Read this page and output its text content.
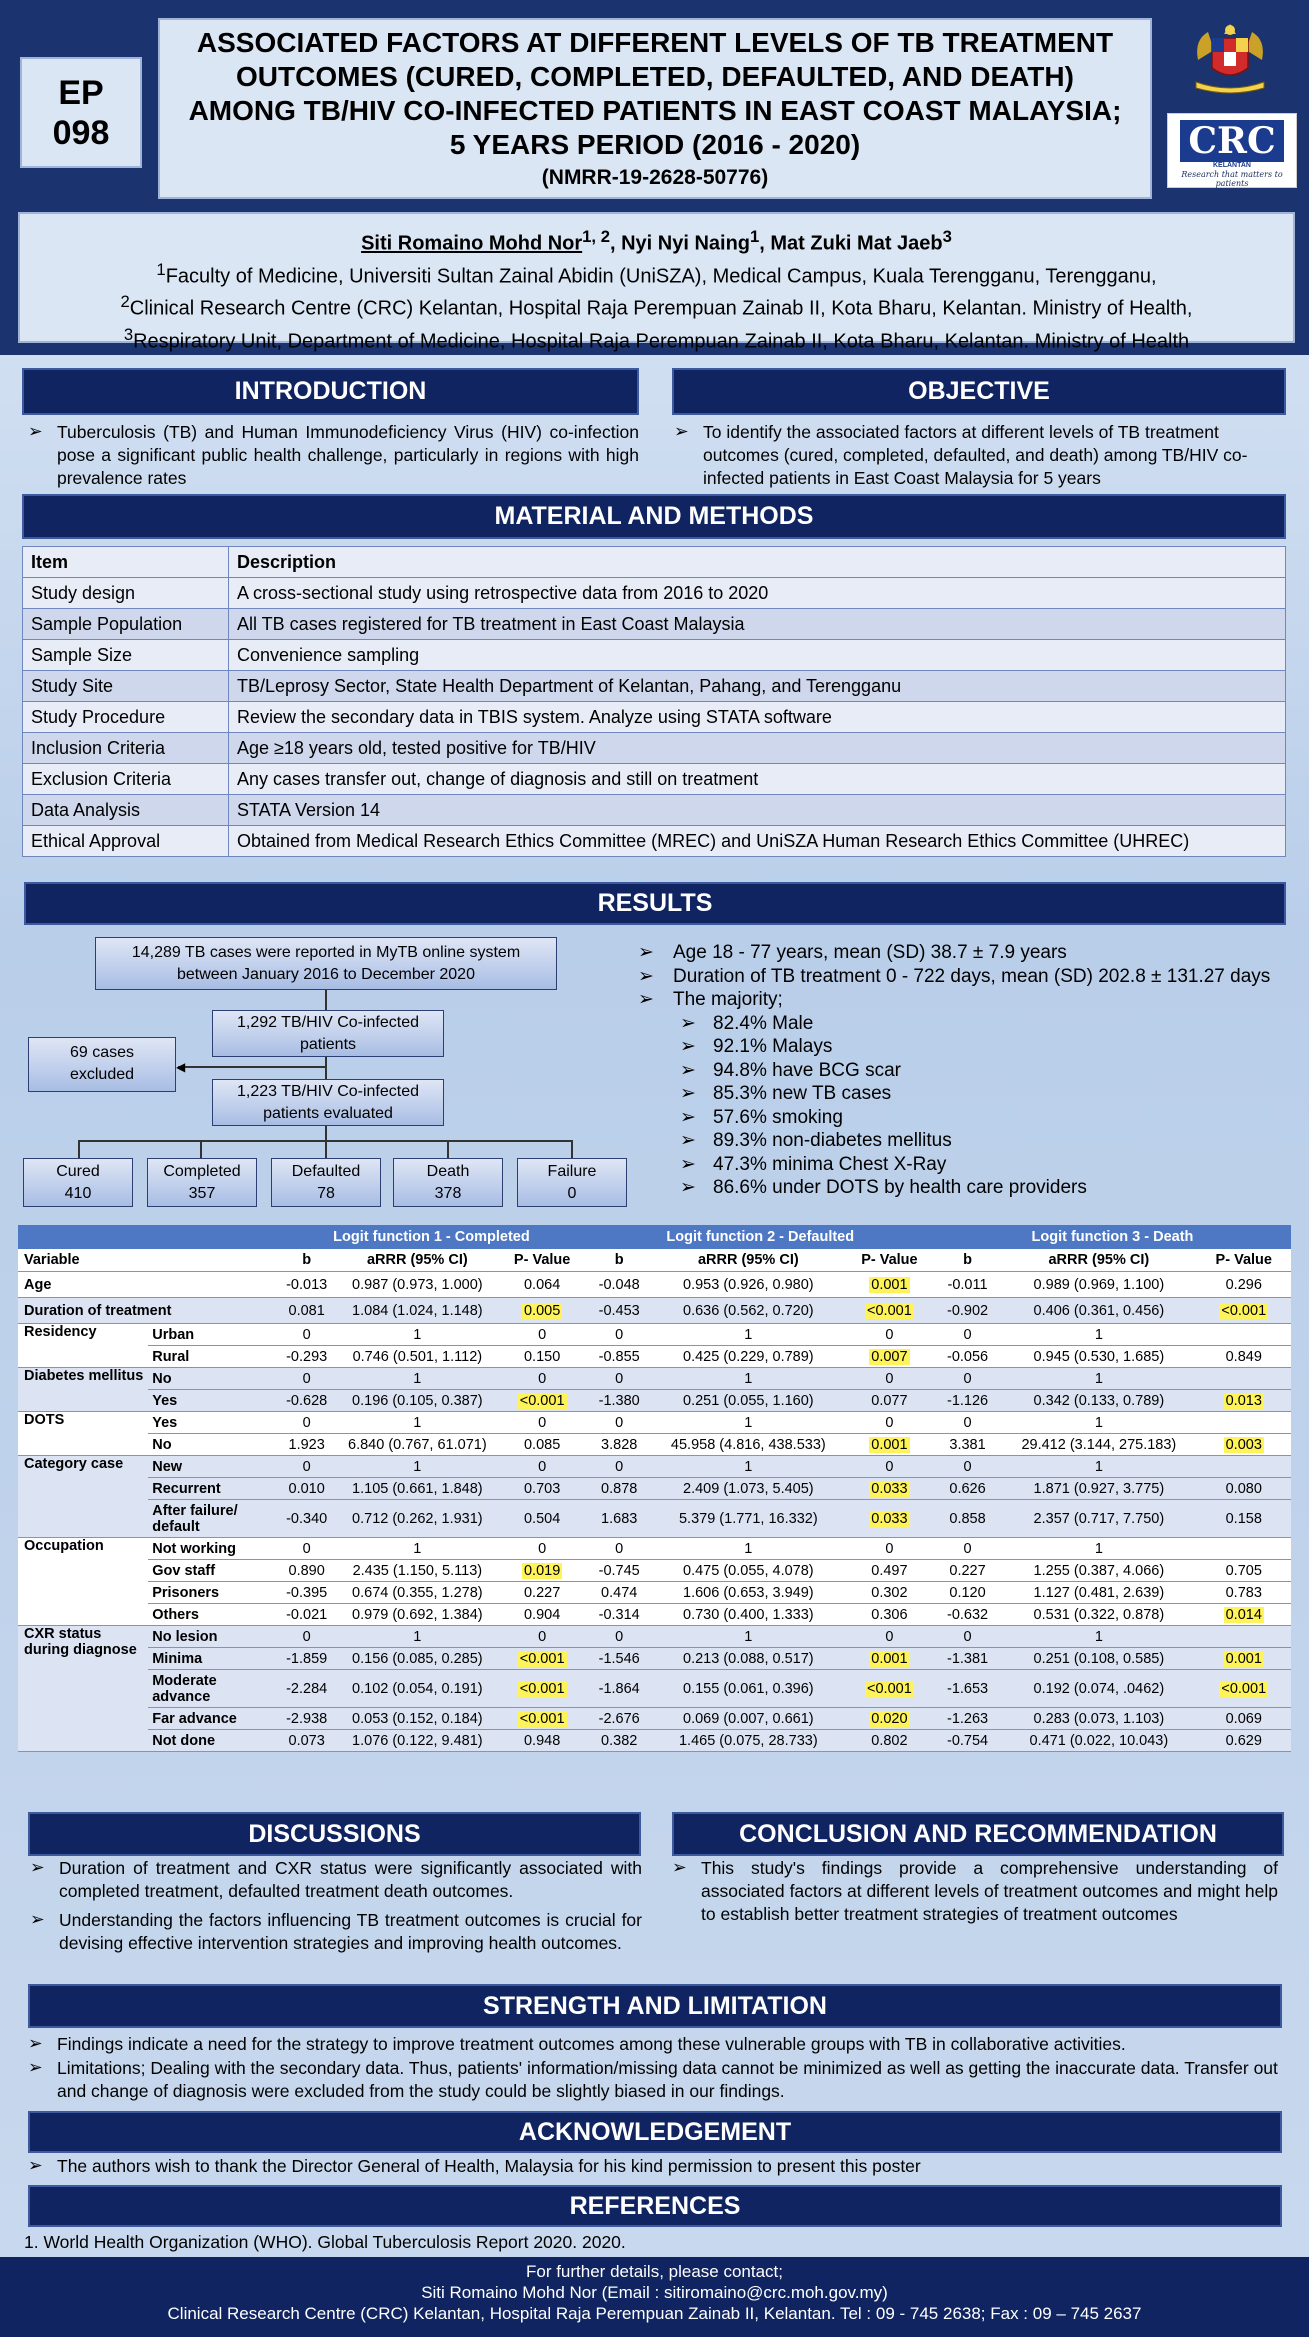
EP
098
ASSOCIATED FACTORS AT DIFFERENT LEVELS OF TB TREATMENT
OUTCOMES (CURED, COMPLETED, DEFAULTED, AND DEATH)
AMONG TB/HIV CO-INFECTED PATIENTS IN EAST COAST MALAYSIA;
5 YEARS PERIOD (2016 - 2020)
(NMRR-19-2628-50776)
CRC
KELANTAN
Research that matters to patients
Siti Romaino Mohd Nor$^{1, 2}$, Nyi Nyi Naing$^1$, Mat Zuki Mat Jaeb$^3$
$^1$Faculty of Medicine, Universiti Sultan Zainal Abidin (UniSZA), Medical Campus, Kuala Terengganu, Terengganu,
$^2$Clinical Research Centre (CRC) Kelantan, Hospital Raja Perempuan Zainab II, Kota Bharu, Kelantan. Ministry of Health,
$^3$Respiratory Unit, Department of Medicine, Hospital Raja Perempuan Zainab II, Kota Bharu, Kelantan. Ministry of Health
INTRODUCTION
➢ Tuberculosis (TB) and Human Immunodeficiency Virus (HIV) co-infection pose a significant public health challenge, particularly in regions with high prevalence rates
OBJECTIVE
➢ To identify the associated factors at different levels of TB treatment outcomes (cured, completed, defaulted, and death) among TB/HIV co-infected patients in East Coast Malaysia for 5 years
MATERIAL AND METHODS
Item	Description
Study design	A cross-sectional study using retrospective data from 2016 to 2020
Sample Population	All TB cases registered for TB treatment in East Coast Malaysia
Sample Size	Convenience sampling
Study Site	TB/Leprosy Sector, State Health Department of Kelantan, Pahang, and Terengganu
Study Procedure	Review the secondary data in TBIS system. Analyze using STATA software
Inclusion Criteria	Age ≥18 years old, tested positive for TB/HIV
Exclusion Criteria	Any cases transfer out, change of diagnosis and still on treatment
Data Analysis	STATA Version 14
Ethical Approval	Obtained from Medical Research Ethics Committee (MREC) and UniSZA Human Research Ethics Committee (UHREC)
RESULTS
14,289 TB cases were reported in MyTB online system
between January 2016 to December 2020
1,292 TB/HIV Co-infected
patients
◀
69 cases
excluded
1,223 TB/HIV Co-infected
patients evaluated
Cured
410
Completed
357
Defaulted
78
Death
378
Failure
0
➢ Age 18 - 77 years, mean (SD) 38.7 ± 7.9 years
➢ Duration of TB treatment 0 - 722 days, mean (SD) 202.8 ± 131.27 days
➢ The majority;
➢ 82.4% Male
➢ 92.1% Malays
➢ 94.8% have BCG scar
➢ 85.3% new TB cases
➢ 57.6% smoking
➢ 89.3% non-diabetes mellitus
➢ 47.3% minima Chest X-Ray
➢ 86.6% under DOTS by health care providers
		Logit function 1 - Completed			Logit function 2 - Defaulted			Logit function 3 - Death		
Variable		b	aRRR (95% CI)	P- Value	b	aRRR (95% CI)	P- Value	b	aRRR (95% CI)	P- Value
Age		-0.013	0.987 (0.973, 1.000)	0.064	-0.048	0.953 (0.926, 0.980)	0.001	-0.011	0.989 (0.969, 1.100)	0.296
Duration of treatment		0.081	1.084 (1.024, 1.148)	0.005	-0.453	0.636 (0.562, 0.720)	<0.001	-0.902	0.406 (0.361, 0.456)	<0.001
Residency	Urban	0	1	0	0	1	0	0	1	
	Rural	-0.293	0.746 (0.501, 1.112)	0.150	-0.855	0.425 (0.229, 0.789)	0.007	-0.056	0.945 (0.530, 1.685)	0.849
Diabetes mellitus	No	0	1	0	0	1	0	0	1	
	Yes	-0.628	0.196 (0.105, 0.387)	<0.001	-1.380	0.251 (0.055, 1.160)	0.077	-1.126	0.342 (0.133, 0.789)	0.013
DOTS	Yes	0	1	0	0	1	0	0	1	
	No	1.923	6.840 (0.767, 61.071)	0.085	3.828	45.958 (4.816, 438.533)	0.001	3.381	29.412 (3.144, 275.183)	0.003
Category case	New	0	1	0	0	1	0	0	1	
	Recurrent	0.010	1.105 (0.661, 1.848)	0.703	0.878	2.409 (1.073, 5.405)	0.033	0.626	1.871 (0.927, 3.775)	0.080
	After failure/ default	-0.340	0.712 (0.262, 1.931)	0.504	1.683	5.379 (1.771, 16.332)	0.033	0.858	2.357 (0.717, 7.750)	0.158
Occupation	Not working	0	1	0	0	1	0	0	1	
	Gov staff	0.890	2.435 (1.150, 5.113)	0.019	-0.745	0.475 (0.055, 4.078)	0.497	0.227	1.255 (0.387, 4.066)	0.705
	Prisoners	-0.395	0.674 (0.355, 1.278)	0.227	0.474	1.606 (0.653, 3.949)	0.302	0.120	1.127 (0.481, 2.639)	0.783
	Others	-0.021	0.979 (0.692, 1.384)	0.904	-0.314	0.730 (0.400, 1.333)	0.306	-0.632	0.531 (0.322, 0.878)	0.014
CXR status during diagnose	No lesion	0	1	0	0	1	0	0	1	
	Minima	-1.859	0.156 (0.085, 0.285)	<0.001	-1.546	0.213 (0.088, 0.517)	0.001	-1.381	0.251 (0.108, 0.585)	0.001
	Moderate advance	-2.284	0.102 (0.054, 0.191)	<0.001	-1.864	0.155 (0.061, 0.396)	<0.001	-1.653	0.192 (0.074, .0462)	<0.001
	Far advance	-2.938	0.053 (0.152, 0.184)	<0.001	-2.676	0.069 (0.007, 0.661)	0.020	-1.263	0.283 (0.073, 1.103)	0.069
	Not done	0.073	1.076 (0.122, 9.481)	0.948	0.382	1.465 (0.075, 28.733)	0.802	-0.754	0.471 (0.022, 10.043)	0.629
DISCUSSIONS
➢ Duration of treatment and CXR status were significantly associated with completed treatment, defaulted treatment death outcomes.
➢ Understanding the factors influencing TB treatment outcomes is crucial for devising effective intervention strategies and improving health outcomes.
CONCLUSION AND RECOMMENDATION
➢ This study's findings provide a comprehensive understanding of associated factors at different levels of treatment outcomes and might help to establish better treatment strategies of treatment outcomes
STRENGTH AND LIMITATION
➢ Findings indicate a need for the strategy to improve treatment outcomes among these vulnerable groups with TB in collaborative activities.
➢ Limitations; Dealing with the secondary data. Thus, patients' information/missing data cannot be minimized as well as getting the inaccurate data. Transfer out and change of diagnosis were excluded from the study could be slightly biased in our findings.
ACKNOWLEDGEMENT
➢ The authors wish to thank the Director General of Health, Malaysia for his kind permission to present this poster
REFERENCES
1. World Health Organization (WHO). Global Tuberculosis Report 2020. 2020.
For further details, please contact;
Siti Romaino Mohd Nor (Email : sitiromaino@crc.moh.gov.my)
Clinical Research Centre (CRC) Kelantan, Hospital Raja Perempuan Zainab II, Kelantan. Tel : 09 - 745 2638; Fax : 09 – 745 2637
